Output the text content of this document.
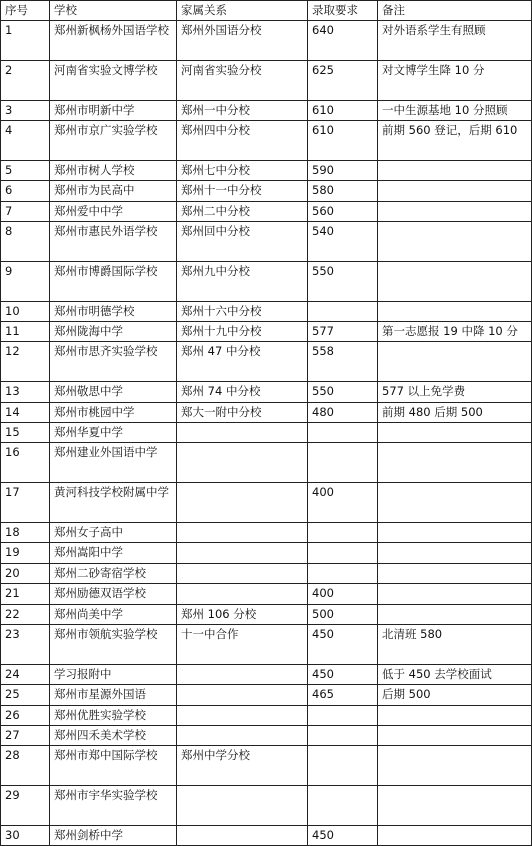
序号	学校	家属关系	录取要求	备注
1	郑州新枫杨外国语学校	郑州外国语分校	640	对外语系学生有照顾
2	河南省实验文博学校	河南省实验分校	625	对文博学生降 10 分
3	郑州市明新中学	郑州一中分校	610	一中生源基地 10 分照顾
4	郑州市京广实验学校	郑州四中分校	610	前期 560 登记，后期 610
5	郑州市树人学校	郑州七中分校	590	
6	郑州市为民高中	郑州十一中分校	580	
7	郑州爱中中学	郑州二中分校	560	
8	郑州市惠民外语学校	郑州回中分校	540	
9	郑州市博爵国际学校	郑州九中分校	550	
10	郑州市明德学校	郑州十六中分校		
11	郑州陇海中学	郑州十九中分校	577	第一志愿报 19 中降 10 分
12	郑州市思齐实验学校	郑州 47 中分校	558	
13	郑州敬思中学	郑州 74 中分校	550	577 以上免学费
14	郑州市桃园中学	郑大一附中分校	480	前期 480 后期 500
15	郑州华夏中学			
16	郑州建业外国语中学			
17	黄河科技学校附属中学		400	
18	郑州女子高中			
19	郑州嵩阳中学			
20	郑州二砂寄宿学校			
21	郑州励德双语学校		400	
22	郑州尚美中学	郑州 106 分校	500	
23	郑州市领航实验学校	十一中合作	450	北清班 580
24	学习报附中		450	低于 450 去学校面试
25	郑州市星源外国语		465	后期 500
26	郑州优胜实验学校			
27	郑州四禾美术学校			
28	郑州市郑中国际学校	郑州中学分校		
29	郑州市宇华实验学校			
30	郑州剑桥中学		450	
